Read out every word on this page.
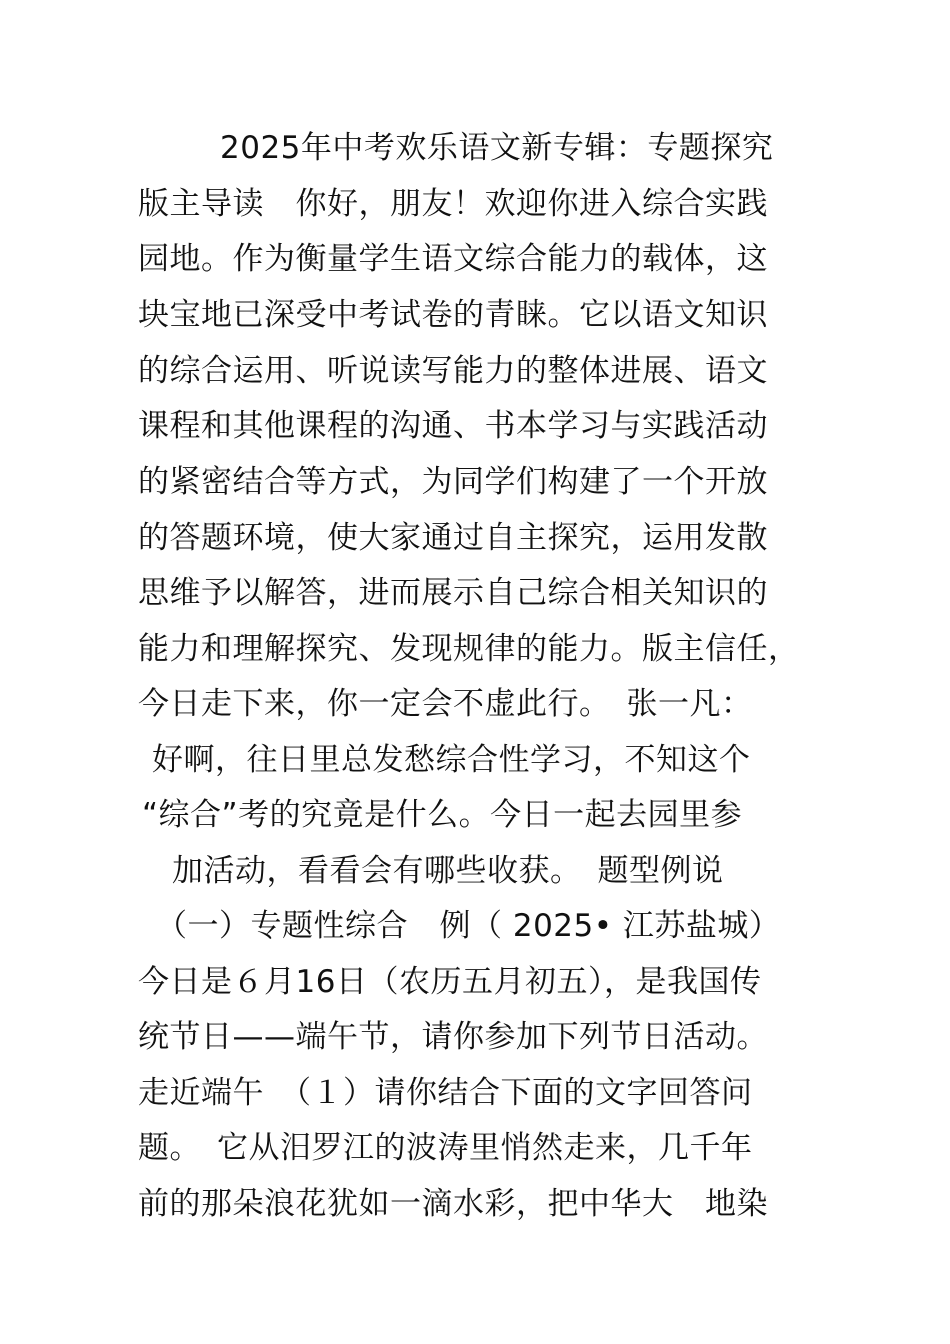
2025年中考欢乐语文新专辑：专题探究
版主导读　你好，朋友！欢迎你进入综合实践
园地。作为衡量学生语文综合能力的载体，这
块宝地已深受中考试卷的青睐。它以语文知识
的综合运用、听说读写能力的整体进展、语文
课程和其他课程的沟通、书本学习与实践活动
的紧密结合等方式，为同学们构建了一个开放
的答题环境，使大家通过自主探究，运用发散
思维予以解答，进而展示自己综合相关知识的
能力和理解探究、发现规律的能力。版主信任，
今日走下来，你一定会不虚此行。　张一凡：
好啊，往日里总发愁综合性学习，不知这个
“综合”考的究竟是什么。今日一起去园里参
加活动，看看会有哪些收获。　题型例说
（一）专题性综合　例（ 2025• 江苏盐城）
今日是６月16日（农历五月初五），是我国传
统节日——端午节，请你参加下列节日活动。
走近端午　（１）请你结合下面的文字回答问
题。　它从汨罗江的波涛里悄然走来，几千年
前的那朵浪花犹如一滴水彩，把中华大　地染
